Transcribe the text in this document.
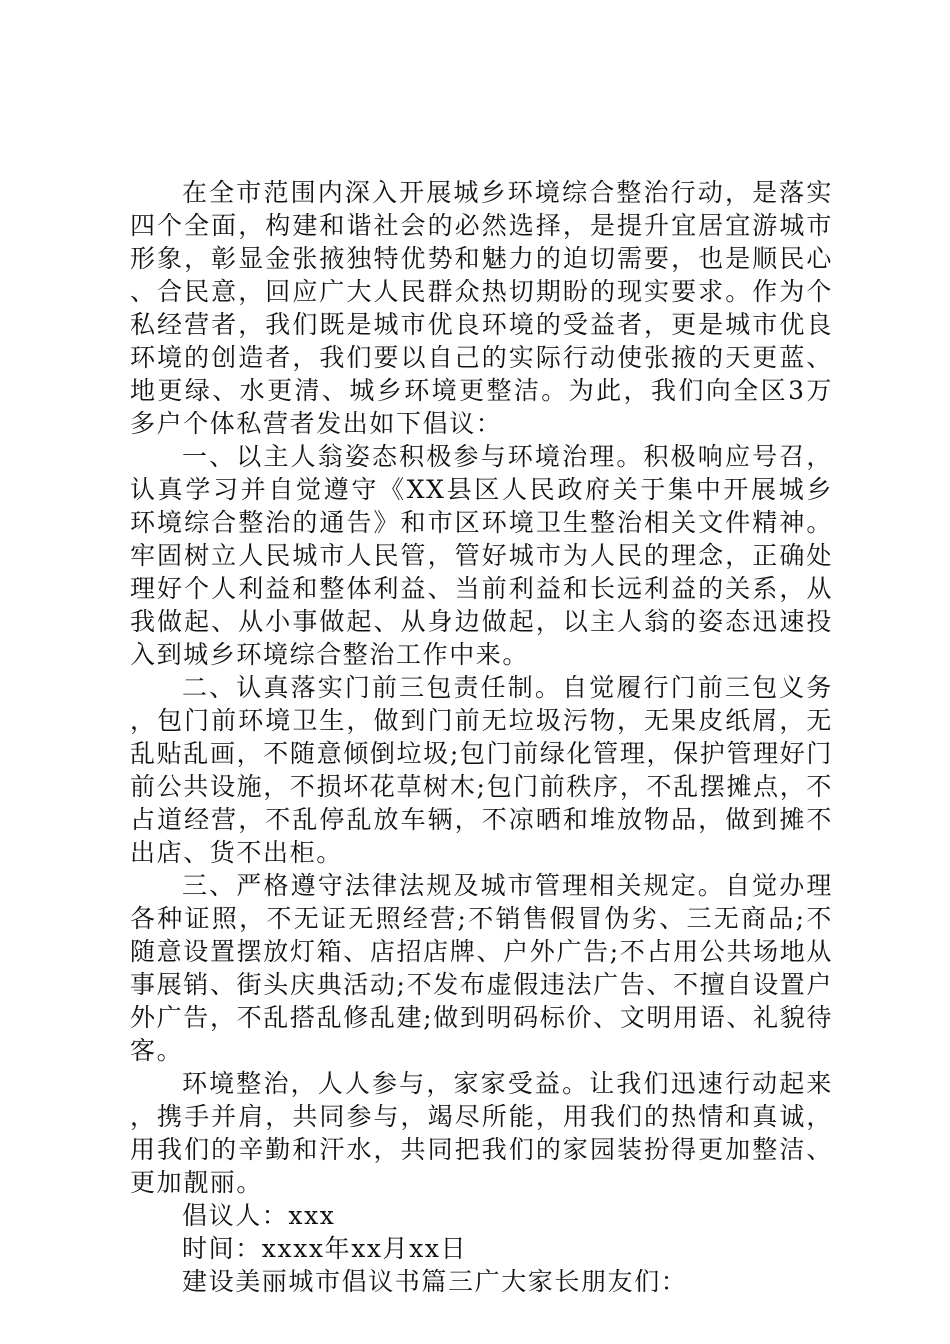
在全市范围内深入开展城乡环境综合整治行动，是落实四个全面，构建和谐社会的必然选择，是提升宜居宜游城市形象，彰显金张掖独特优势和魅力的迫切需要，也是顺民心、合民意，回应广大人民群众热切期盼的现实要求。作为个私经营者，我们既是城市优良环境的受益者，更是城市优良环境的创造者，我们要以自己的实际行动使张掖的天更蓝、地更绿、水更清、城乡环境更整洁。为此，我们向全区3万多户个体私营者发出如下倡议：

一、以主人翁姿态积极参与环境治理。积极响应号召，认真学习并自觉遵守《XX县区人民政府关于集中开展城乡环境综合整治的通告》和市区环境卫生整治相关文件精神。牢固树立人民城市人民管，管好城市为人民的理念，正确处理好个人利益和整体利益、当前利益和长远利益的关系，从我做起、从小事做起、从身边做起，以主人翁的姿态迅速投入到城乡环境综合整治工作中来。

二、认真落实门前三包责任制。自觉履行门前三包义务，包门前环境卫生，做到门前无垃圾污物，无果皮纸屑，无乱贴乱画，不随意倾倒垃圾;包门前绿化管理，保护管理好门前公共设施，不损坏花草树木;包门前秩序，不乱摆摊点，不占道经营，不乱停乱放车辆，不凉晒和堆放物品，做到摊不出店、货不出柜。

三、严格遵守法律法规及城市管理相关规定。自觉办理各种证照，不无证无照经营;不销售假冒伪劣、三无商品;不随意设置摆放灯箱、店招店牌、户外广告;不占用公共场地从事展销、街头庆典活动;不发布虚假违法广告、不擅自设置户外广告，不乱搭乱修乱建;做到明码标价、文明用语、礼貌待客。

环境整治，人人参与，家家受益。让我们迅速行动起来，携手并肩，共同参与，竭尽所能，用我们的热情和真诚，用我们的辛勤和汗水，共同把我们的家园装扮得更加整洁、更加靓丽。

倡议人：xxx

时间：xxxx年xx月xx日

建设美丽城市倡议书篇三广大家长朋友们：
